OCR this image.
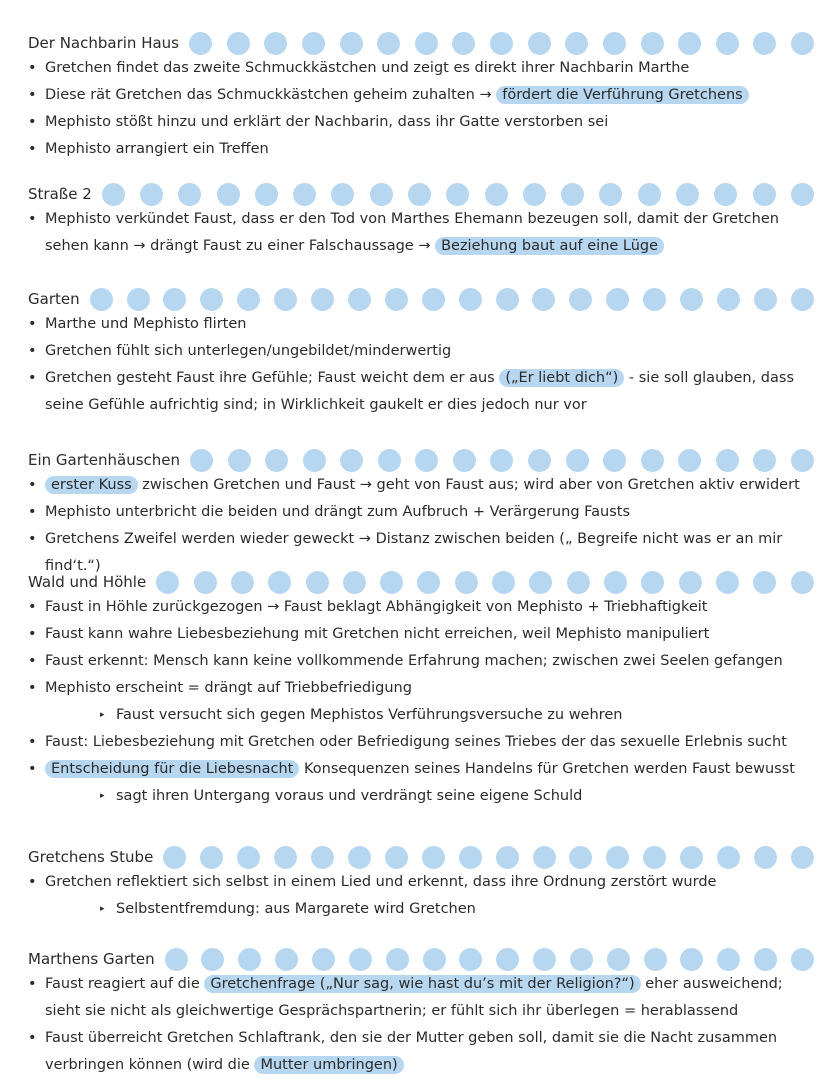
Der Nachbarin Haus
• Gretchen findet das zweite Schmuckkästchen und zeigt es direkt ihrer Nachbarin Marthe
• Diese rät Gretchen das Schmuckkästchen geheim zuhalten → fördert die Verführung Gretchens
• Mephisto stößt hinzu und erklärt der Nachbarin, dass ihr Gatte verstorben sei
• Mephisto arrangiert ein Treffen
Straße 2
• Mephisto verkündet Faust, dass er den Tod von Marthes Ehemann bezeugen soll, damit der Gretchen sehen kann → drängt Faust zu einer Falschaussage → Beziehung baut auf eine Lüge
Garten
• Marthe und Mephisto flirten
• Gretchen fühlt sich unterlegen/ungebildet/minderwertig
• Gretchen gesteht Faust ihre Gefühle; Faust weicht dem er aus („Er liebt dich“) - sie soll glauben, dass seine Gefühle aufrichtig sind; in Wirklichkeit gaukelt er dies jedoch nur vor
Ein Gartenhäuschen
• erster Kuss zwischen Gretchen und Faust → geht von Faust aus; wird aber von Gretchen aktiv erwidert
• Mephisto unterbricht die beiden und drängt zum Aufbruch + Verärgerung Fausts
• Gretchens Zweifel werden wieder geweckt → Distanz zwischen beiden („ Begreife nicht was er an mir find‘t.“)
Wald und Höhle
• Faust in Höhle zurückgezogen → Faust beklagt Abhängigkeit von Mephisto + Triebhaftigkeit
• Faust kann wahre Liebesbeziehung mit Gretchen nicht erreichen, weil Mephisto manipuliert
• Faust erkennt: Mensch kann keine vollkommende Erfahrung machen; zwischen zwei Seelen gefangen
• Mephisto erscheint = drängt auf Triebbefriedigung
▸ Faust versucht sich gegen Mephistos Verführungsversuche zu wehren
• Faust: Liebesbeziehung mit Gretchen oder Befriedigung seines Triebes der das sexuelle Erlebnis sucht
• Entscheidung für die Liebesnacht Konsequenzen seines Handelns für Gretchen werden Faust bewusst
▸ sagt ihren Untergang voraus und verdrängt seine eigene Schuld
Gretchens Stube
• Gretchen reflektiert sich selbst in einem Lied und erkennt, dass ihre Ordnung zerstört wurde
▸ Selbstentfremdung: aus Margarete wird Gretchen
Marthens Garten
• Faust reagiert auf die Gretchenfrage („Nur sag, wie hast du’s mit der Religion?“) eher ausweichend; sieht sie nicht als gleichwertige Gesprächspartnerin; er fühlt sich ihr überlegen = herablassend
• Faust überreicht Gretchen Schlaftrank, den sie der Mutter geben soll, damit sie die Nacht zusammen verbringen können (wird die Mutter umbringen)
